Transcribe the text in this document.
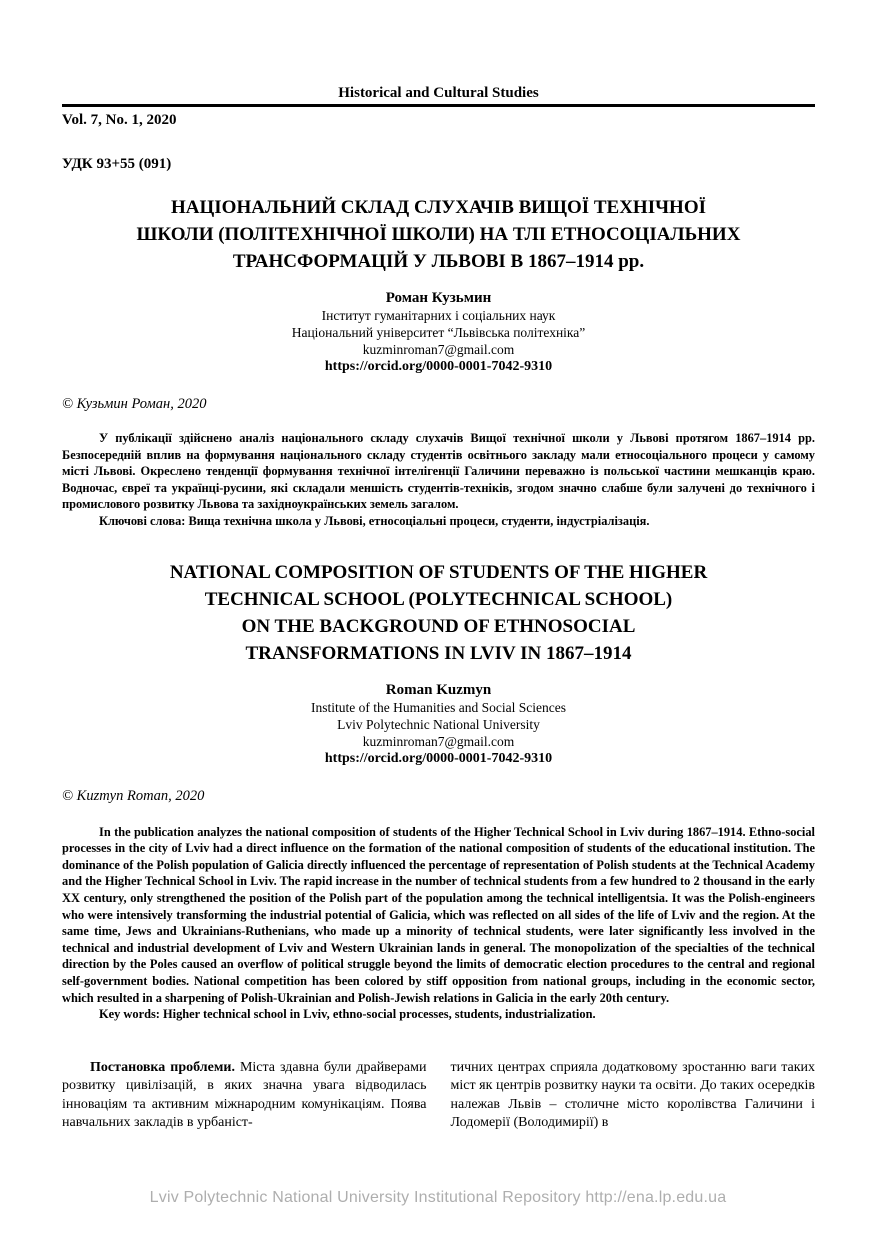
Historical and Cultural Studies
Vol. 7, No. 1, 2020
УДК 93+55 (091)
НАЦІОНАЛЬНИЙ СКЛАД СЛУХАЧІВ ВИЩОЇ ТЕХНІЧНОЇ
ШКОЛИ (ПОЛІТЕХНІЧНОЇ ШКОЛИ) НА ТЛІ ЕТНОСОЦІАЛЬНИХ
ТРАНСФОРМАЦІЙ У ЛЬВОВІ В 1867–1914 рр.
Роман Кузьмин
Інститут гуманітарних і соціальних наук
Національний університет “Львівська політехніка”
kuzminroman7@gmail.com
https://orcid.org/0000-0001-7042-9310
© Кузьмин Роман, 2020

У публікації здійснено аналіз національного складу слухачів Вищої технічної школи у Львові протягом 1867–1914 рр. Безпосередній вплив на формування національного складу студентів освітнього закладу мали етносоціального процеси у самому місті Львові. Окреслено тенденції формування технічної інтелігенції Галичини переважно із польської частини мешканців краю. Водночас, євреї та українці-русини, які складали меншість студентів-техніків, згодом значно слабше були залучені до технічного і промислового розвитку Львова та західноукраїнських земель загалом.

Ключові слова: Вища технічна школа у Львові, етносоціальні процеси, студенти, індустріалізація.

NATIONAL COMPOSITION OF STUDENTS OF THE HIGHER
TECHNICAL SCHOOL (POLYTECHNICAL SCHOOL)
ON THE BACKGROUND OF ETHNOSOCIAL
TRANSFORMATIONS IN LVIV IN 1867–1914
Roman Kuzmyn
Institute of the Humanities and Social Sciences
Lviv Polytechnic National University
kuzminroman7@gmail.com
https://orcid.org/0000-0001-7042-9310
© Kuzmyn Roman, 2020

In the publication analyzes the national composition of students of the Higher Technical School in Lviv during 1867–1914. Ethno-social processes in the city of Lviv had a direct influence on the formation of the national composition of students of the educational institution. The dominance of the Polish population of Galicia directly influenced the percentage of representation of Polish students at the Technical Academy and the Higher Technical School in Lviv. The rapid increase in the number of technical students from a few hundred to 2 thousand in the early XX century, only strengthened the position of the Polish part of the population among the technical intelligentsia. It was the Polish-engineers who were intensively transforming the industrial potential of Galicia, which was reflected on all sides of the life of Lviv and the region. At the same time, Jews and Ukrainians-Ruthenians, who made up a minority of technical students, were later significantly less involved in the technical and industrial development of Lviv and Western Ukrainian lands in general. The monopolization of the specialties of the technical direction by the Poles caused an overflow of political struggle beyond the limits of democratic election procedures to the central and regional self-government bodies. National competition has been colored by stiff opposition from national groups, including in the economic sector, which resulted in a sharpening of Polish-Ukrainian and Polish-Jewish relations in Galicia in the early 20th century.

Key words: Higher technical school in Lviv, ethno-social processes, students, industrialization.

Постановка проблеми. Міста здавна були драйверами розвитку цивілізацій, в яких значна увага відводилась інноваціям та активним міжнародним комунікаціям. Поява навчальних закладів в урбаніст-

тичних центрах сприяла додатковому зростанню ваги таких міст як центрів розвитку науки та освіти. До таких осередків належав Львів – столичне місто королівства Галичини і Лодомерії (Володимирії) в

Lviv Polytechnic National University Institutional Repository http://ena.lp.edu.ua
